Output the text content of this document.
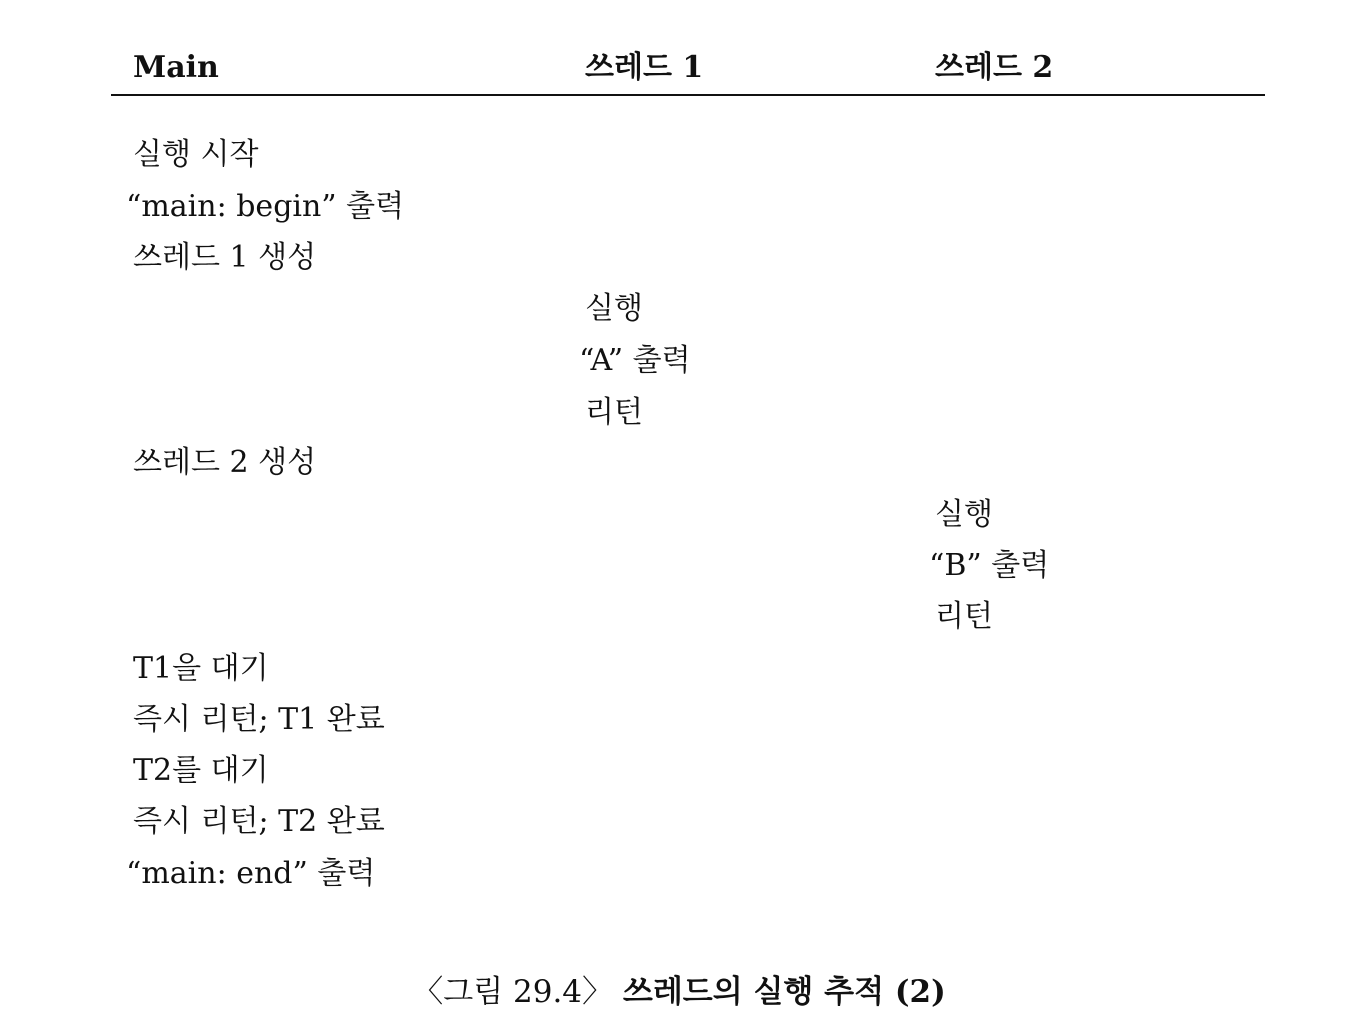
Main	쓰레드 1	쓰레드 2
실행 시작
“main: begin” 출력
쓰레드 1 생성
실행
“A” 출력
리턴
쓰레드 2 생성
실행
“B” 출력
리턴
T1을 대기
즉시 리턴; T1 완료
T2를 대기
즉시 리턴; T2 완료
“main: end” 출력
〈그림 29.4〉 쓰레드의 실행 추적 (2)
